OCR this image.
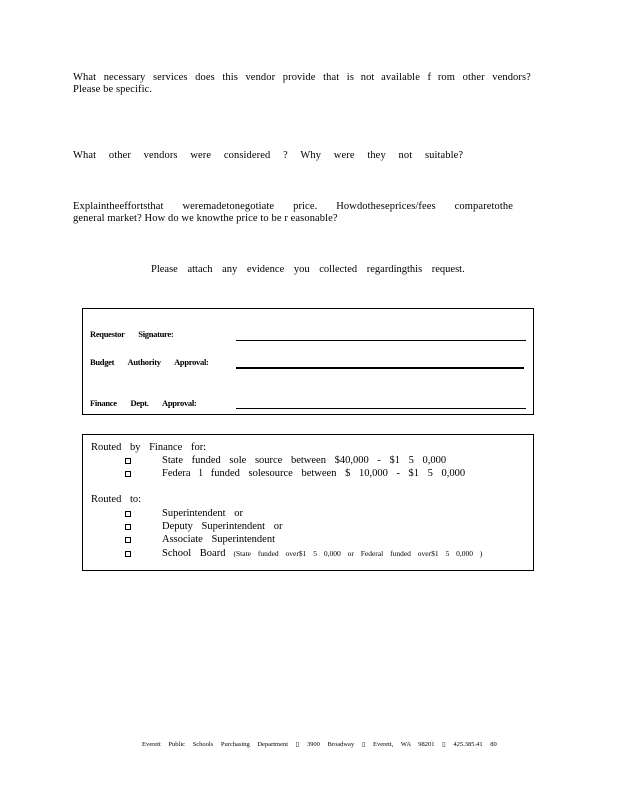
What necessary services does this vendor provide that is not available f rom other vendors?
Please be specific.
What other vendors were considered ? Why were they not suitable?
Explaintheeffortsthat weremadetonegotiate price. Howdotheseprices/fees comparetothe
general market? How do we knowthe price to be r easonable?
Please attach any evidence you collected regardingthis request.
Requestor Signature:
Budget Authority Approval:
Finance Dept. Approval:
Routed by Finance for:
State funded sole source between $40,000 - $1 5 0,000
Federa l funded solesource between $ 10,000 - $1 5 0,000
Routed to:
Superintendent or
Deputy Superintendent or
Associate Superintendent
School Board (State funded over$1 5 0,000 or Federal funded over$1 5 0,000 )
Everett Public Schools Purchasing Department ▯ 3900 Broadway ▯ Everett, WA 98201 ▯ 425.385.41 80
